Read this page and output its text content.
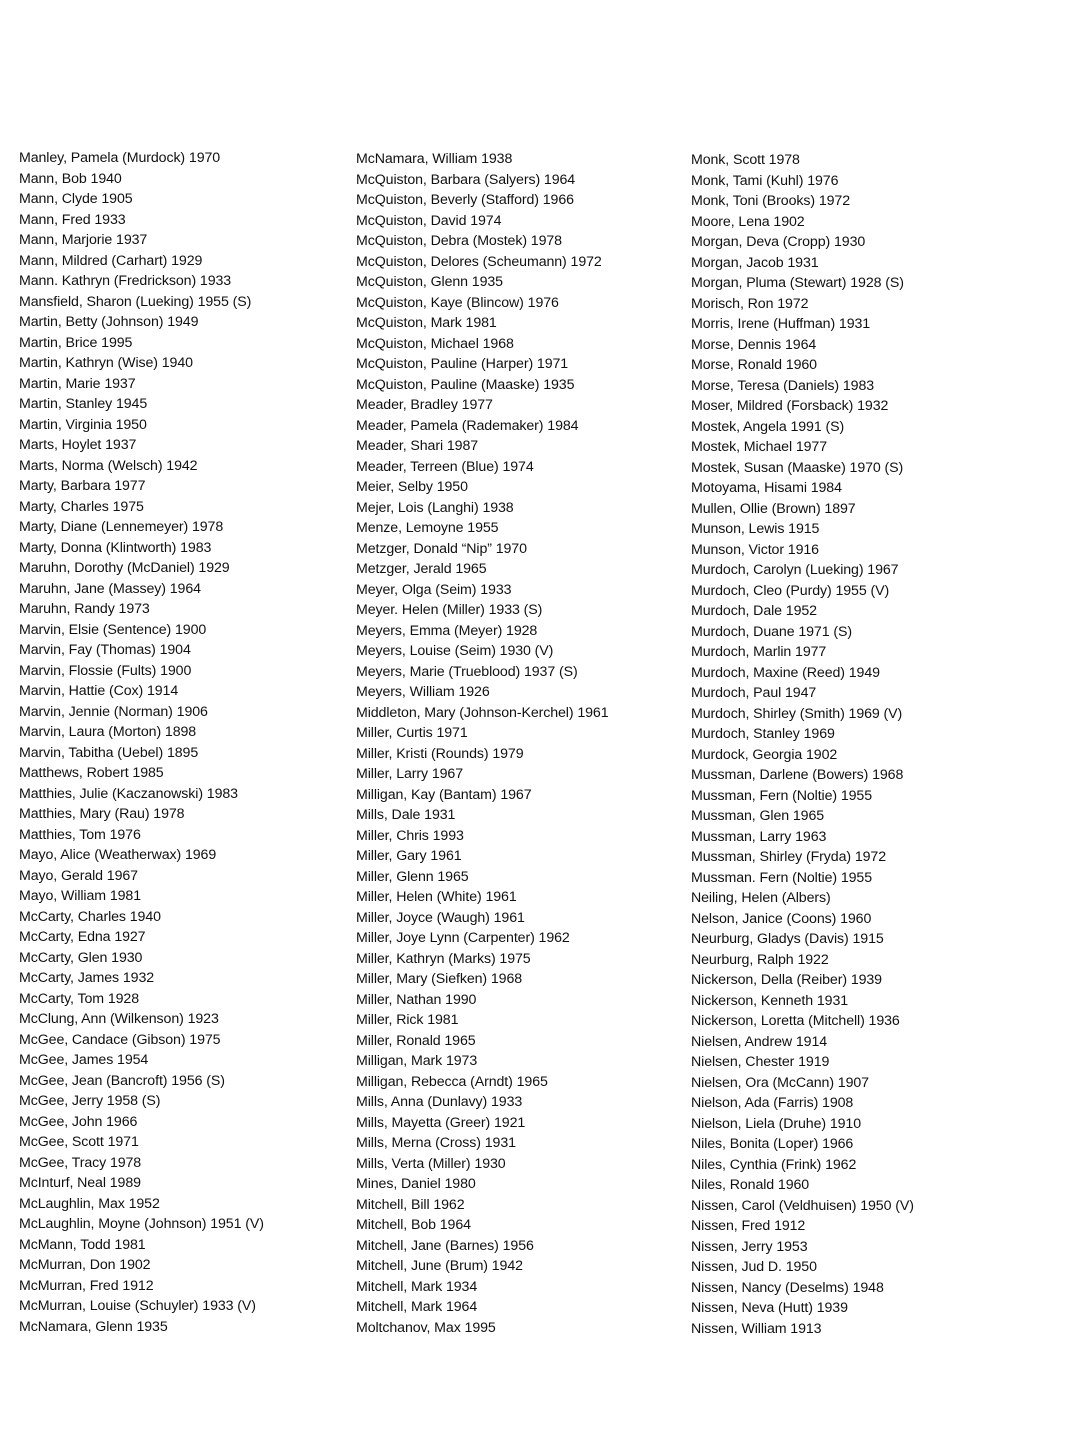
Manley, Pamela (Murdock) 1970
Mann, Bob 1940
Mann, Clyde 1905
Mann, Fred 1933
Mann, Marjorie 1937
Mann, Mildred (Carhart) 1929
Mann. Kathryn (Fredrickson) 1933
Mansfield, Sharon (Lueking) 1955 (S)
Martin, Betty (Johnson) 1949
Martin, Brice 1995
Martin, Kathryn (Wise) 1940
Martin, Marie 1937
Martin, Stanley 1945
Martin, Virginia 1950
Marts, Hoylet 1937
Marts, Norma (Welsch) 1942
Marty, Barbara 1977
Marty, Charles 1975
Marty, Diane (Lennemeyer) 1978
Marty, Donna (Klintworth) 1983
Maruhn, Dorothy (McDaniel) 1929
Maruhn, Jane (Massey) 1964
Maruhn, Randy 1973
Marvin, Elsie (Sentence) 1900
Marvin, Fay (Thomas) 1904
Marvin, Flossie (Fults) 1900
Marvin, Hattie (Cox) 1914
Marvin, Jennie (Norman) 1906
Marvin, Laura (Morton) 1898
Marvin, Tabitha (Uebel) 1895
Matthews, Robert 1985
Matthies, Julie (Kaczanowski) 1983
Matthies, Mary (Rau) 1978
Matthies, Tom 1976
Mayo, Alice (Weatherwax) 1969
Mayo, Gerald 1967
Mayo, William 1981
McCarty, Charles 1940
McCarty, Edna 1927
McCarty, Glen 1930
McCarty, James 1932
McCarty, Tom 1928
McClung, Ann (Wilkenson) 1923
McGee, Candace (Gibson) 1975
McGee, James 1954
McGee, Jean (Bancroft) 1956 (S)
McGee, Jerry 1958 (S)
McGee, John 1966
McGee, Scott 1971
McGee, Tracy 1978
McInturf, Neal 1989
McLaughlin, Max 1952
McLaughlin, Moyne (Johnson) 1951 (V)
McMann, Todd 1981
McMurran, Don 1902
McMurran, Fred 1912
McMurran, Louise (Schuyler) 1933 (V)
McNamara, Glenn 1935
McNamara, William 1938
McQuiston, Barbara (Salyers) 1964
McQuiston, Beverly (Stafford) 1966
McQuiston, David 1974
McQuiston, Debra (Mostek) 1978
McQuiston, Delores (Scheumann) 1972
McQuiston, Glenn 1935
McQuiston, Kaye (Blincow) 1976
McQuiston, Mark 1981
McQuiston, Michael 1968
McQuiston, Pauline (Harper) 1971
McQuiston, Pauline (Maaske) 1935
Meader, Bradley 1977
Meader, Pamela (Rademaker) 1984
Meader, Shari 1987
Meader, Terreen (Blue) 1974
Meier, Selby 1950
Mejer, Lois (Langhi) 1938
Menze, Lemoyne 1955
Metzger, Donald “Nip” 1970
Metzger, Jerald 1965
Meyer, Olga (Seim) 1933
Meyer. Helen (Miller) 1933 (S)
Meyers, Emma (Meyer) 1928
Meyers, Louise (Seim) 1930 (V)
Meyers, Marie (Trueblood) 1937 (S)
Meyers, William 1926
Middleton, Mary (Johnson-Kerchel) 1961
Miller, Curtis 1971
Miller, Kristi (Rounds) 1979
Miller, Larry 1967
Milligan, Kay (Bantam) 1967
Mills, Dale 1931
Miller, Chris 1993
Miller, Gary 1961
Miller, Glenn 1965
Miller, Helen (White) 1961
Miller, Joyce (Waugh) 1961
Miller, Joye Lynn (Carpenter) 1962
Miller, Kathryn (Marks) 1975
Miller, Mary (Siefken) 1968
Miller, Nathan 1990
Miller, Rick 1981
Miller, Ronald 1965
Milligan, Mark 1973
Milligan, Rebecca (Arndt) 1965
Mills, Anna (Dunlavy) 1933
Mills, Mayetta (Greer) 1921
Mills, Merna (Cross) 1931
Mills, Verta (Miller) 1930
Mines, Daniel 1980
Mitchell, Bill 1962
Mitchell, Bob 1964
Mitchell, Jane (Barnes) 1956
Mitchell, June (Brum) 1942
Mitchell, Mark 1934
Mitchell, Mark 1964
Moltchanov, Max 1995
Monk, Scott 1978
Monk, Tami (Kuhl) 1976
Monk, Toni (Brooks) 1972
Moore, Lena 1902
Morgan, Deva (Cropp) 1930
Morgan, Jacob 1931
Morgan, Pluma (Stewart) 1928 (S)
Morisch, Ron 1972
Morris, Irene (Huffman) 1931
Morse, Dennis 1964
Morse, Ronald 1960
Morse, Teresa (Daniels) 1983
Moser, Mildred (Forsback) 1932
Mostek, Angela 1991 (S)
Mostek, Michael 1977
Mostek, Susan (Maaske) 1970 (S)
Motoyama, Hisami 1984
Mullen, Ollie (Brown) 1897
Munson, Lewis 1915
Munson, Victor 1916
Murdoch, Carolyn (Lueking) 1967
Murdoch, Cleo (Purdy) 1955 (V)
Murdoch, Dale 1952
Murdoch, Duane 1971 (S)
Murdoch, Marlin 1977
Murdoch, Maxine (Reed) 1949
Murdoch, Paul 1947
Murdoch, Shirley (Smith) 1969 (V)
Murdoch, Stanley 1969
Murdock, Georgia 1902
Mussman, Darlene (Bowers) 1968
Mussman, Fern (Noltie) 1955
Mussman, Glen 1965
Mussman, Larry 1963
Mussman, Shirley (Fryda) 1972
Mussman. Fern (Noltie) 1955
Neiling, Helen (Albers)
Nelson, Janice (Coons) 1960
Neurburg, Gladys (Davis) 1915
Neurburg, Ralph 1922
Nickerson, Della (Reiber) 1939
Nickerson, Kenneth 1931
Nickerson, Loretta (Mitchell) 1936
Nielsen, Andrew 1914
Nielsen, Chester 1919
Nielsen, Ora (McCann) 1907
Nielson, Ada (Farris) 1908
Nielson, Liela (Druhe) 1910
Niles, Bonita (Loper) 1966
Niles, Cynthia (Frink) 1962
Niles, Ronald 1960
Nissen, Carol (Veldhuisen) 1950 (V)
Nissen, Fred 1912
Nissen, Jerry 1953
Nissen, Jud D. 1950
Nissen, Nancy (Deselms) 1948
Nissen, Neva (Hutt) 1939
Nissen, William 1913
